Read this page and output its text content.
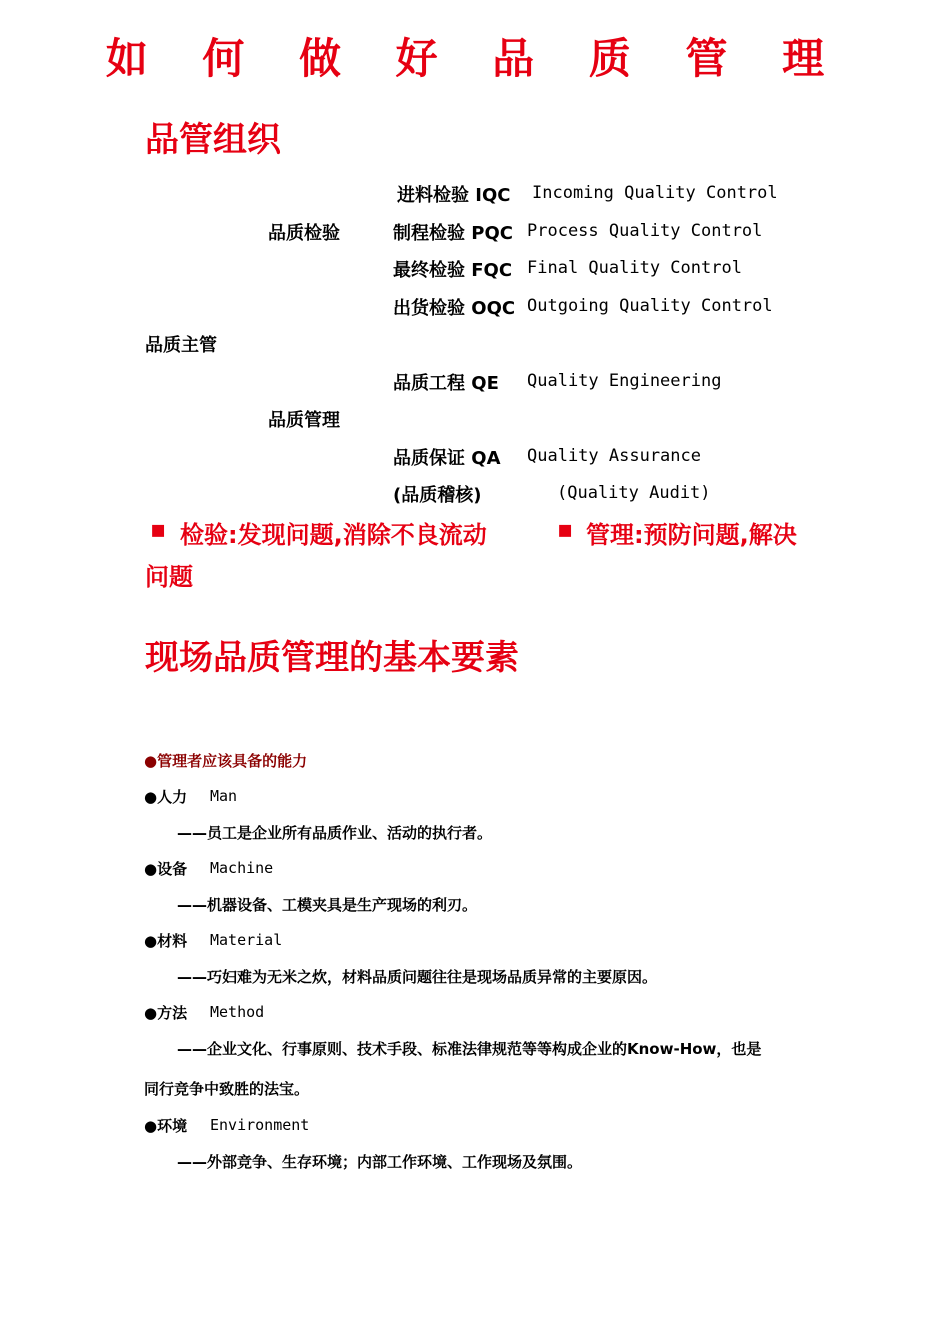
如 何 做 好 品 质 管 理
品管组织
进料检验 IQC Incoming Quality Control
品质检验	制程检验 PQC Process Quality Control
最终检验 FQC Final Quality Control
出货检验 OQC Outgoing Quality Control
品质主管
品质工程 QE Quality Engineering
品质管理
品质保证 QA Quality Assurance
(品质稽核)	(Quality Audit)
▪ 检验:发现问题,消除不良流动	▪ 管理:预防问题,解决
问题
现场品质管理的基本要素
●管理者应该具备的能力
●人力 Man
——员工是企业所有品质作业、活动的执行者。
●设备 Machine
——机器设备、工模夹具是生产现场的利刃。
●材料 Material
——巧妇难为无米之炊，材料品质问题往往是现场品质异常的主要原因。
●方法 Method
——企业文化、行事原则、技术手段、标准法律规范等等构成企业的Know-How，也是
同行竞争中致胜的法宝。
●环境 Environment
——外部竞争、生存环境；内部工作环境、工作现场及氛围。
